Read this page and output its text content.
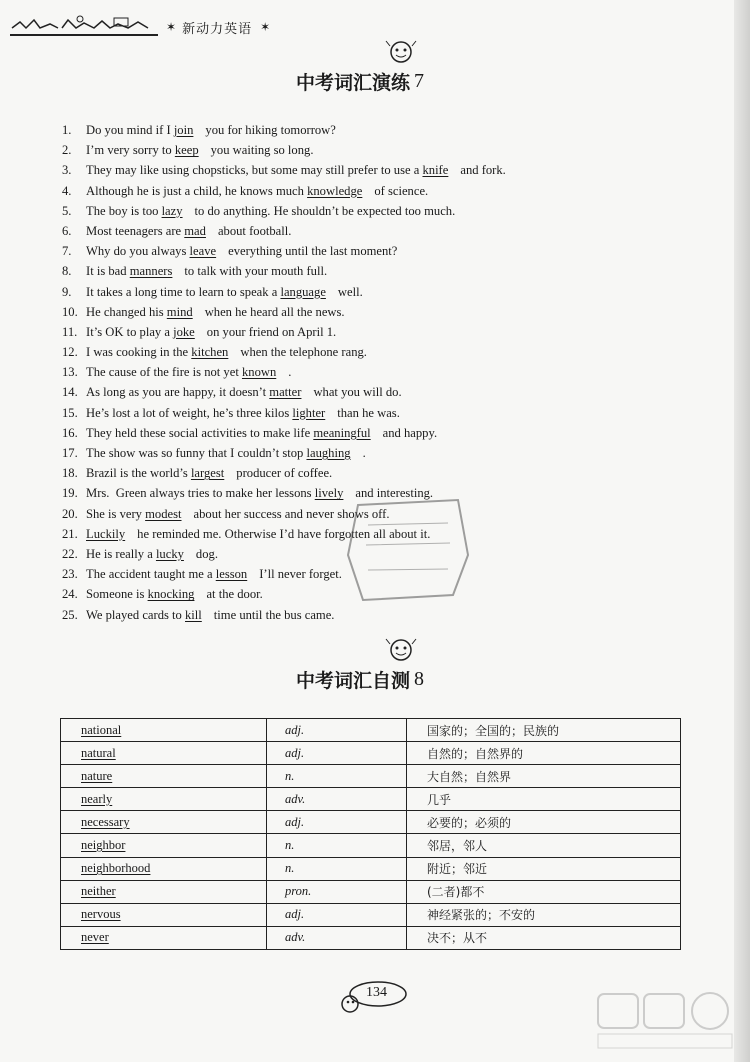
✶ 新动力英语 ✶
中考词汇演练 7
1.	Do you mind if I join you for hiking tomorrow?
2.	I’m very sorry to keep you waiting so long.
3.	They may like using chopsticks, but some may still prefer to use a knife and fork.
4.	Although he is just a child, he knows much knowledge of science.
5.	The boy is too lazy to do anything. He shouldn’t be expected too much.
6.	Most teenagers are mad about football.
7.	Why do you always leave everything until the last moment?
8.	It is bad manners to talk with your mouth full.
9.	It takes a long time to learn to speak a language well.
10. He changed his mind when he heard all the news.
11. It’s OK to play a joke on your friend on April 1.
12. I was cooking in the kitchen when the telephone rang.
13. The cause of the fire is not yet known .
14. As long as you are happy, it doesn’t matter what you will do.
15. He’s lost a lot of weight, he’s three kilos lighter than he was.
16. They held these social activities to make life meaningful and happy.
17. The show was so funny that I couldn’t stop laughing .
18. Brazil is the world’s largest producer of coffee.
19. Mrs.  Green always tries to make her lessons lively and interesting.
20. She is very modest about her success and never shows off.
21. Luckily he reminded me. Otherwise I’d have forgotten all about it.
22. He is really a lucky dog.
23. The accident taught me a lesson I’ll never forget.
24. Someone is knocking at the door.
25. We played cards to kill time until the bus came.
中考词汇自测 8
national	adj.	国家的；全国的；民族的
natural	adj.	自然的；自然界的
nature	n.	大自然；自然界
nearly	adv.	几乎
necessary	adj.	必要的；必须的
neighbor	n.	邻居，邻人
neighborhood	n.	附近；邻近
neither	pron.	(二者)都不
nervous	adj.	神经紧张的；不安的
never	adv.	决不；从不
134
